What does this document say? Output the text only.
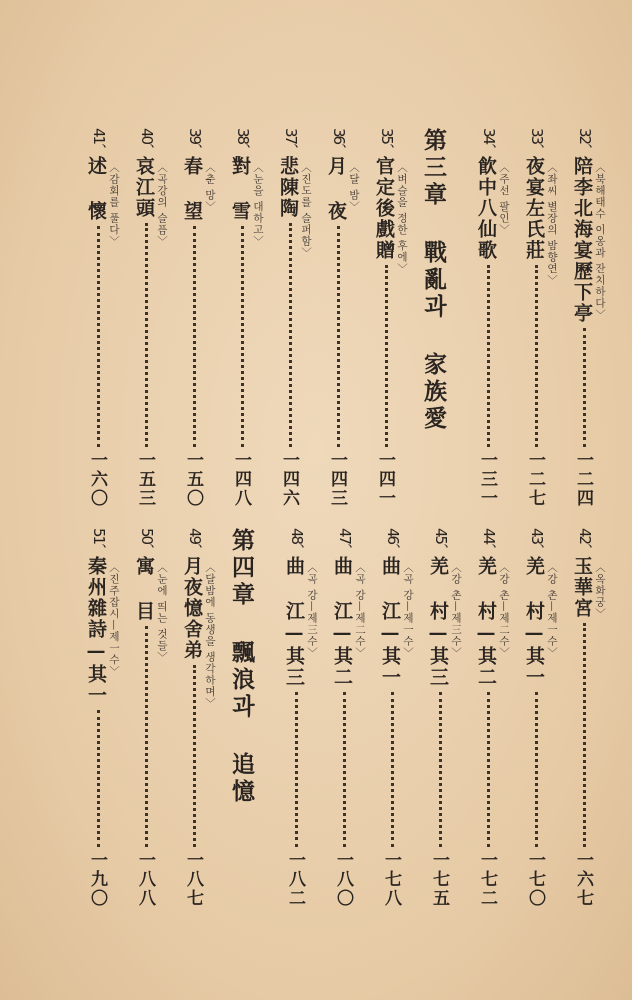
32、
陪李北海宴歷下亭
一二四
〈북해태수 이옹과 잔치하다〉
33、
夜宴左氏莊
一二七
〈좌씨 별장의 밤향연〉
34、
飮中八仙歌
一三一
〈주선 팔인〉
第三章 戰亂과 家族愛
35、
官定後戲贈
一四一
〈벼슬을 정한 후에〉
36、
月 夜
一四三
〈달 밤〉
37、
悲陳陶
一四六
〈진도를 슬퍼함〉
38、
對 雪
一四八
〈눈을 대하고〉
39、
春 望
一五〇
〈춘 망〉
40、
哀江頭
一五三
〈곡강의 슬픔〉
41、
述 懷
一六〇
〈감회를 풀다〉
42、
玉華宮
一六七
〈옥화궁〉
43、
羌 村—其一
一七〇
〈강 촌—제一수〉
44、
羌 村—其二
一七二
〈강 촌—제二수〉
45、
羌 村—其三
一七五
〈강 촌—제三수〉
46、
曲 江—其一
一七八
〈곡 강—제一수〉
47、
曲 江—其二
一八〇
〈곡 강—제二수〉
48、
曲 江—其三
一八二
〈곡 강—제三수〉
第四章 飄浪과 追憶
49、
月夜憶舍弟
一八七
〈달밤에 동생을 생각하며〉
50、
寓 目
一八八
〈눈에 띄는 것들〉
51、
秦州雜詩—其一
一九〇
〈진주잡시—제一수〉
